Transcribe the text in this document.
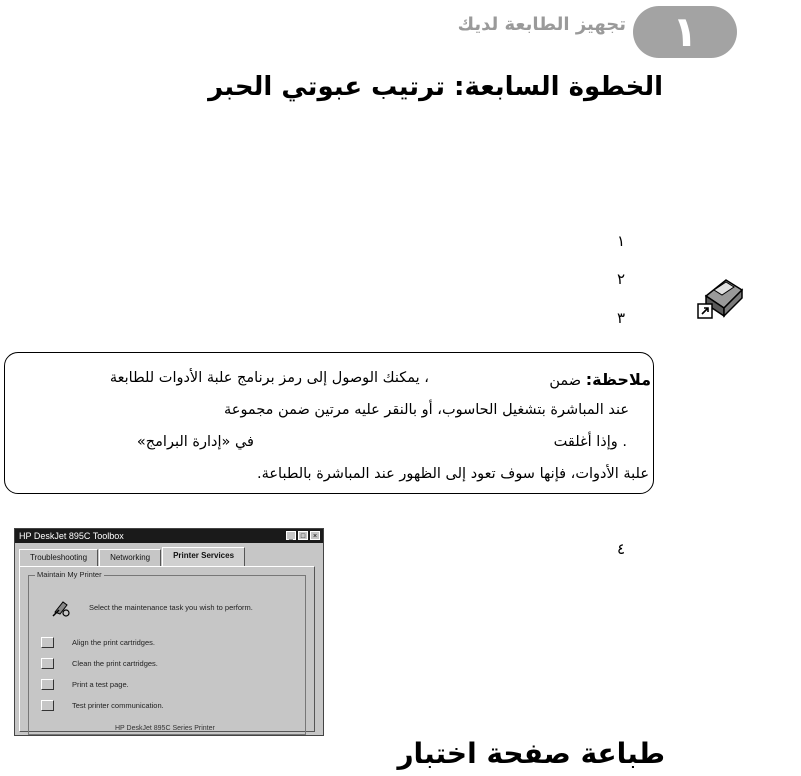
١
تجهيز الطابعة لديك
الخطوة السابعة: ترتيب عبوتي الحبر
١
٢
٣
ملاحظة: ضمن
، يمكنك الوصول إلى رمز برنامج علبة الأدوات للطابعة
عند المباشرة بتشغيل الحاسوب، أو بالنقر عليه مرتين ضمن مجموعة
. وإذا أغلقت
في «إدارة البرامج»
علبة الأدوات، فإنها سوف تعود إلى الظهور عند المباشرة بالطباعة.
٤
HP DeskJet 895C Toolbox	_	□	×
Troubleshooting	Networking	Printer Services
Maintain My Printer
Select the maintenance task you wish to perform.
Align the print cartridges.
Clean the print cartridges.
Print a test page.
Test printer communication.
HP DeskJet 895C Series Printer
طباعة صفحة اختبار
